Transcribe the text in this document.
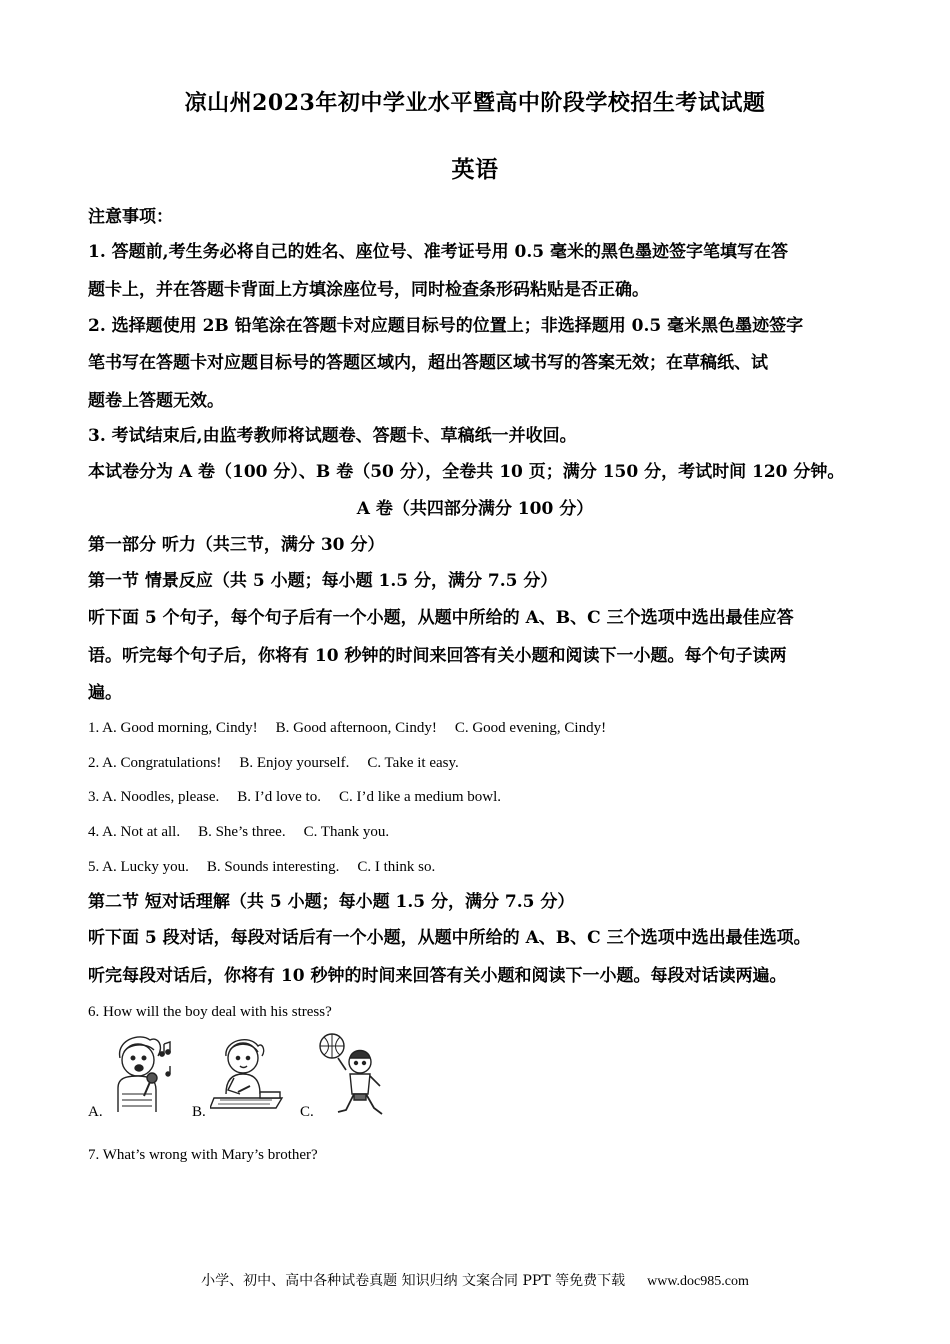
凉山州2023年初中学业水平暨高中阶段学校招生考试试题
英语
注意事项：
1. 答题前,考生务必将自己的姓名、座位号、准考证号用 0.5 毫米的黑色墨迹签字笔填写在答
题卡上，并在答题卡背面上方填涂座位号，同时检查条形码粘贴是否正确。
2. 选择题使用 2B 铅笔涂在答题卡对应题目标号的位置上；非选择题用 0.5 毫米黑色墨迹签字
笔书写在答题卡对应题目标号的答题区域内，超出答题区域书写的答案无效；在草稿纸、试
题卷上答题无效。
3. 考试结束后,由监考教师将试题卷、答题卡、草稿纸一并收回。
本试卷分为 A 卷（100 分）、B 卷（50 分），全卷共 10 页；满分 150 分，考试时间 120 分钟。
A 卷（共四部分满分 100 分）
第一部分 听力（共三节，满分 30 分）
第一节 情景反应（共 5 小题；每小题 1.5 分，满分 7.5 分）
听下面 5 个句子，每个句子后有一个小题，从题中所给的 A、B、C 三个选项中选出最佳应答
语。听完每个句子后，你将有 10 秒钟的时间来回答有关小题和阅读下一小题。每个句子读两
遍。
1. A. Good morning, Cindy! B. Good afternoon, Cindy! C. Good evening, Cindy!
2. A. Congratulations! B. Enjoy yourself. C. Take it easy.
3. A. Noodles, please. B. I’d love to. C. I’d like a medium bowl.
4. A. Not at all. B. She’s three. C. Thank you.
5. A. Lucky you. B. Sounds interesting. C. I think so.
第二节 短对话理解（共 5 小题；每小题 1.5 分，满分 7.5 分）
听下面 5 段对话，每段对话后有一个小题，从题中所给的 A、B、C 三个选项中选出最佳选项。
听完每段对话后，你将有 10 秒钟的时间来回答有关小题和阅读下一小题。每段对话读两遍。
6. How will the boy deal with his stress?
A.	B.	C.
7. What’s wrong with Mary’s brother?
小学、初中、高中各种试卷真题 知识归纳 文案合同 PPT 等免费下载 www.doc985.com
